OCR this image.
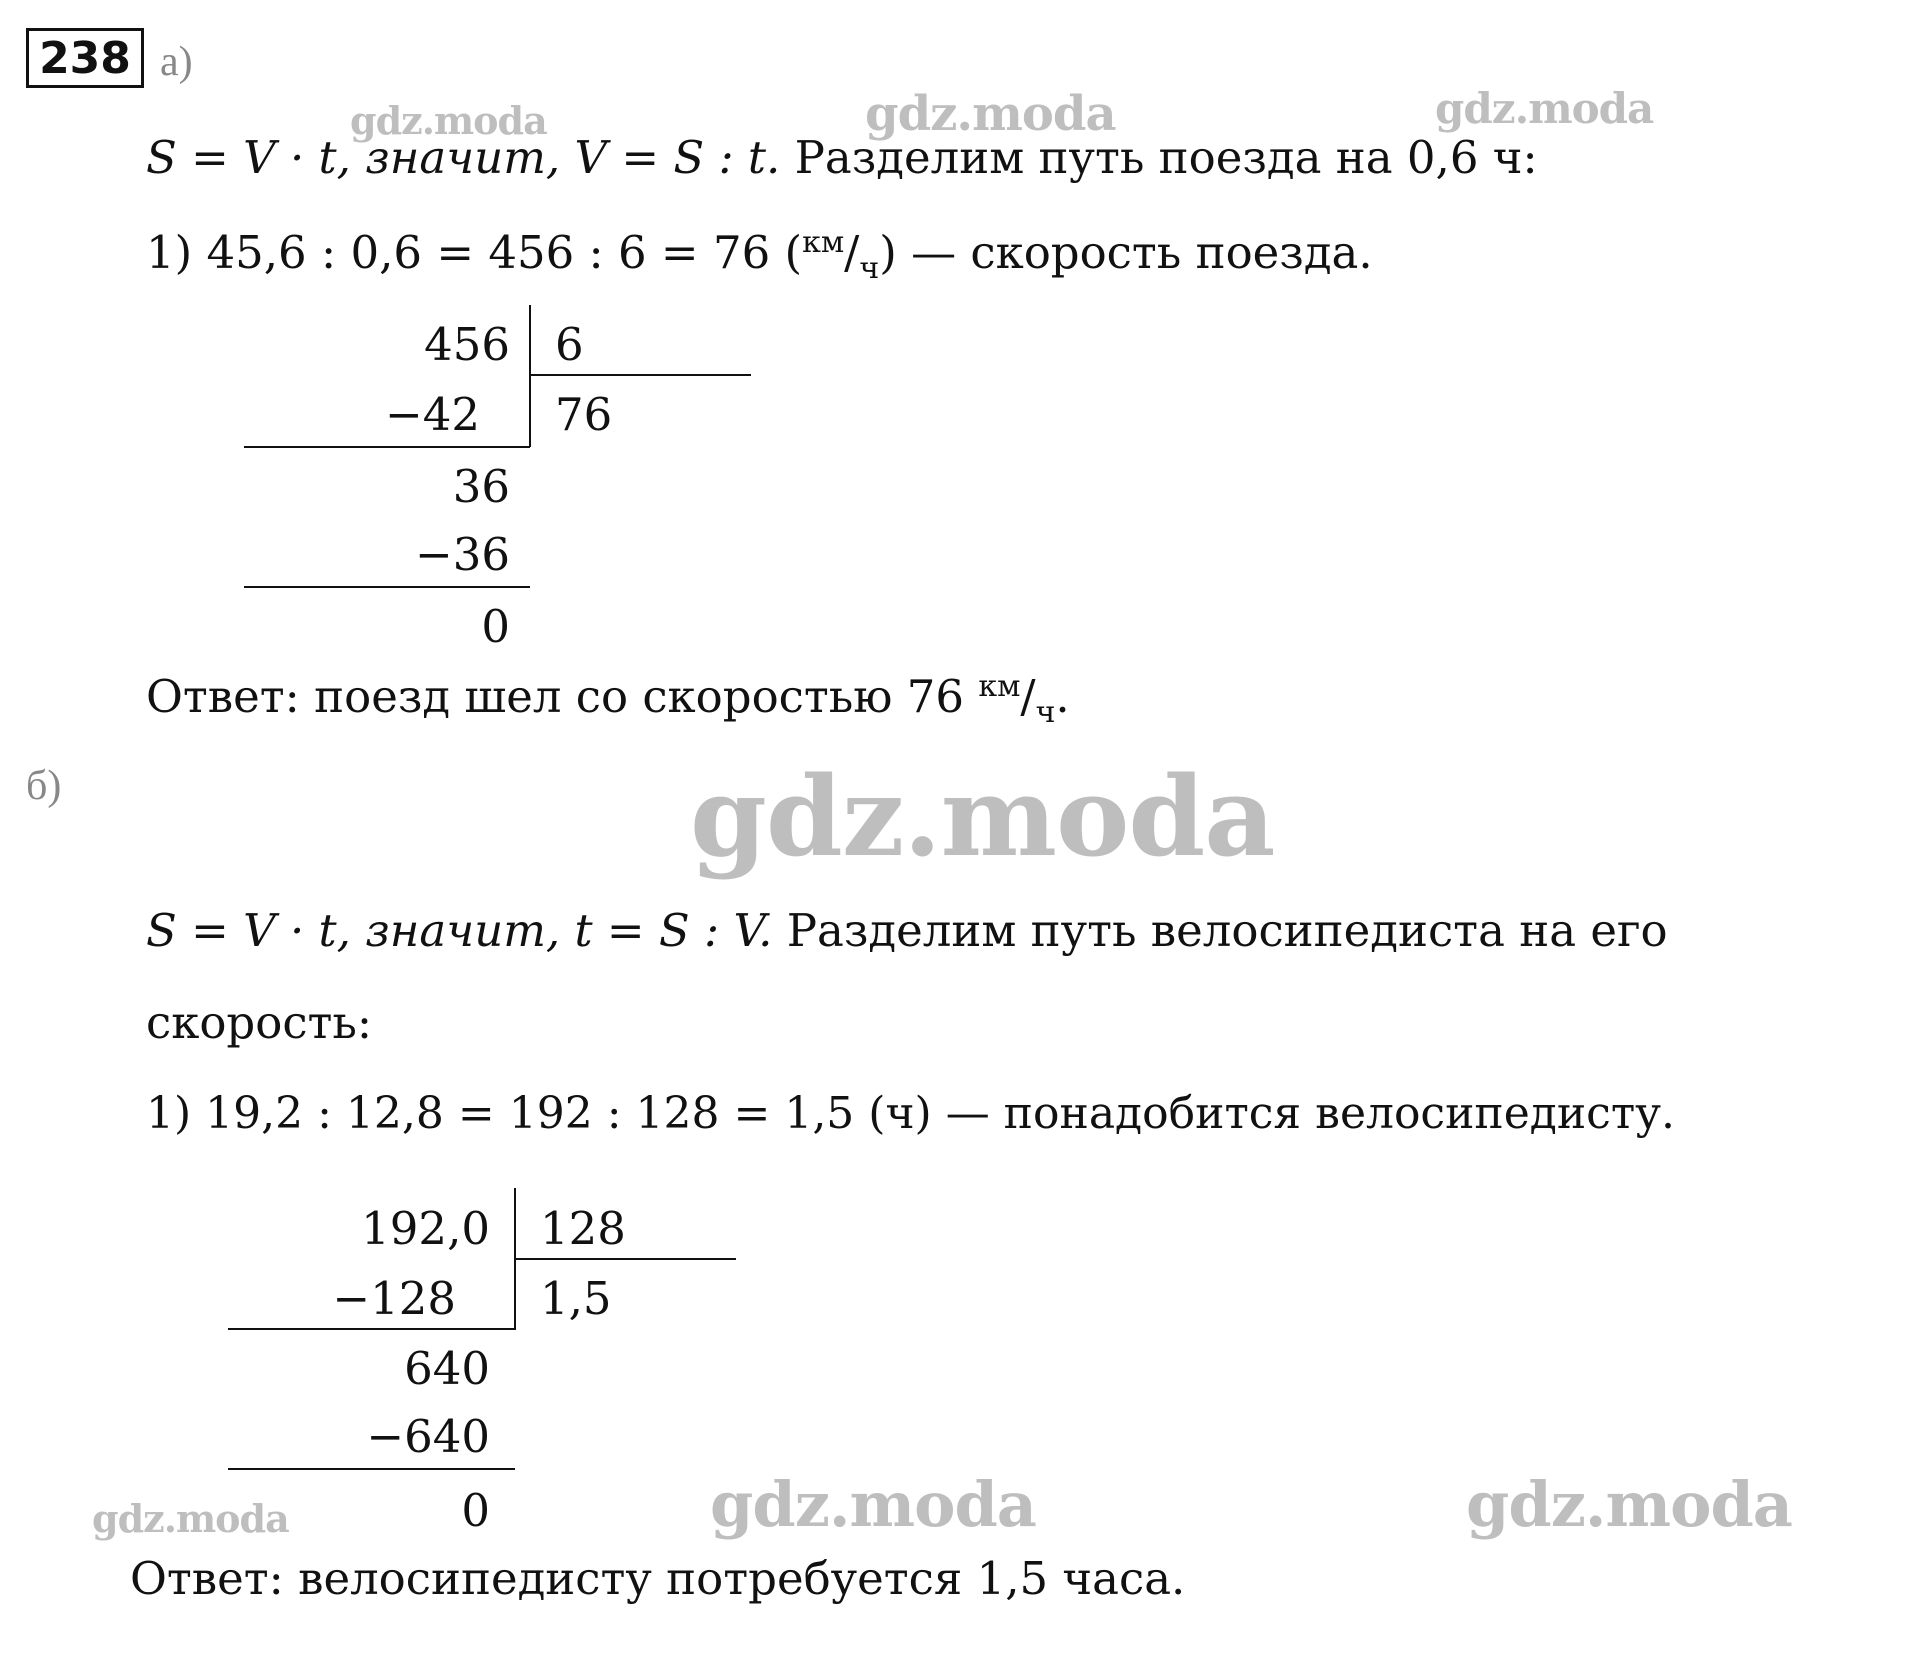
238 а)
gdz.moda	gdz.moda	gdz.moda
S = V · t, значит, V = S : t. Разделим путь поезда на 0,6 ч:
1) 45,6 : 0,6 = 456 : 6 = 76 $(^{км}/_ч)$ — скорость поезда.
456 6
−42 76
36
−36
0
Ответ: поезд шел со скоростью 76 $^{км}/_ч$.
б)	gdz.moda
S = V · t, значит, t = S : V. Разделим путь велосипедиста на его
скорость:
1) 19,2 : 12,8 = 192 : 128 = 1,5 (ч) — понадобится велосипедисту.
192,0 128
−128 1,5
640
−640
0
gdz.moda	gdz.moda	gdz.moda
Ответ: велосипедисту потребуется 1,5 часа.
